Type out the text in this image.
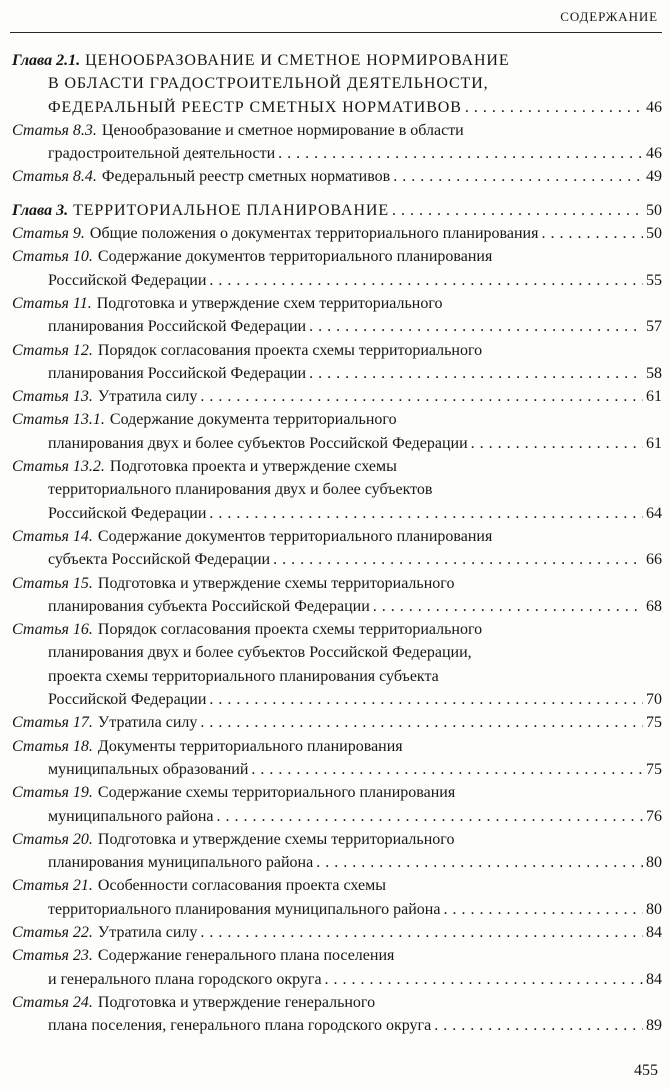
СОДЕРЖАНИЕ
Глава 2.1. ЦЕНООБРАЗОВАНИЕ И СМЕТНОЕ НОРМИРОВАНИЕ
В ОБЛАСТИ ГРАДОСТРОИТЕЛЬНОЙ ДЕЯТЕЛЬНОСТИ,
ФЕДЕРАЛЬНЫЙ РЕЕСТР СМЕТНЫХ НОРМАТИВОВ . . .	46
Статья 8.3. Ценообразование и сметное нормирование в области
градостроительной деятельности . . .	46
Статья 8.4. Федеральный реестр сметных нормативов . . .	49
Глава 3. ТЕРРИТОРИАЛЬНОЕ ПЛАНИРОВАНИЕ . . .	50
Статья 9. Общие положения о документах территориального планирования . . .	50
Статья 10. Содержание документов территориального планирования
Российской Федерации . . .	55
Статья 11. Подготовка и утверждение схем территориального
планирования Российской Федерации . . .	57
Статья 12. Порядок согласования проекта схемы территориального
планирования Российской Федерации . . .	58
Статья 13. Утратила силу . . .	61
Статья 13.1. Содержание документа территориального
планирования двух и более субъектов Российской Федерации . . .	61
Статья 13.2. Подготовка проекта и утверждение схемы
территориального планирования двух и более субъектов
Российской Федерации . . .	64
Статья 14. Содержание документов территориального планирования
субъекта Российской Федерации . . .	66
Статья 15. Подготовка и утверждение схемы территориального
планирования субъекта Российской Федерации . . .	68
Статья 16. Порядок согласования проекта схемы территориального
планирования двух и более субъектов Российской Федерации,
проекта схемы территориального планирования субъекта
Российской Федерации . . .	70
Статья 17. Утратила силу . . .	75
Статья 18. Документы территориального планирования
муниципальных образований . . .	75
Статья 19. Содержание схемы территориального планирования
муниципального района . . .	76
Статья 20. Подготовка и утверждение схемы территориального
планирования муниципального района . . .	80
Статья 21. Особенности согласования проекта схемы
территориального планирования муниципального района . . .	80
Статья 22. Утратила силу . . .	84
Статья 23. Содержание генерального плана поселения
и генерального плана городского округа . . .	84
Статья 24. Подготовка и утверждение генерального
плана поселения, генерального плана городского округа . . .	89
455
